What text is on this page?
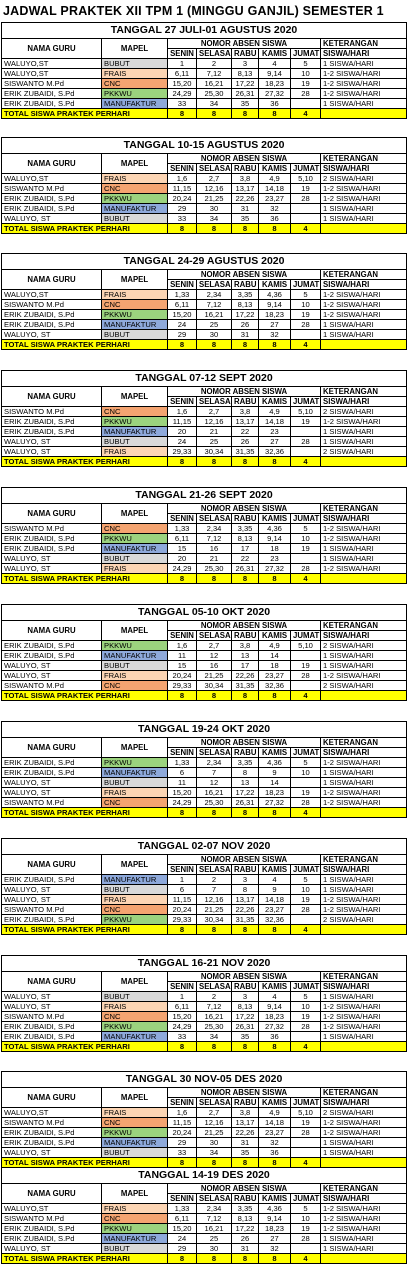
JADWAL PRAKTEK XII TPM 1 (MINGGU GANJIL) SEMESTER 1
TANGGAL 27 JULI-01 AGUSTUS 2020							
NAMA GURU	MAPEL	NOMOR ABSEN SISWA					KETERANGAN
		SENIN	SELASA	RABU	KAMIS	JUMAT	SISWA/HARI
WALUYO,ST	BUBUT	1	2	3	4	5	1 SISWA/HARI
WALUYO,ST	FRAIS	6,11	7,12	8,13	9,14	10	1-2 SISWA/HARI
SISWANTO M.Pd	CNC	15,20	16,21	17,22	18,23	19	1-2 SISWA/HARI
ERIK ZUBAIDI, S.Pd	PKKWU	24,29	25,30	26,31	27,32	28	1-2 SISWA/HARI
ERIK ZUBAIDI, S.Pd	MANUFAKTUR	33	34	35	36		1 SISWA/HARI
TOTAL SISWA PRAKTEK PERHARI		8	8	8	8	4	
TANGGAL 10-15 AGUSTUS 2020							
NAMA GURU	MAPEL	NOMOR ABSEN SISWA					KETERANGAN
		SENIN	SELASA	RABU	KAMIS	JUMAT	SISWA/HARI
WALUYO,ST	FRAIS	1,6	2,7	3,8	4,9	5,10	2 SISWA/HARI
SISWANTO M.Pd	CNC	11,15	12,16	13,17	14,18	19	1-2 SISWA/HARI
ERIK ZUBAIDI, S.Pd	PKKWU	20,24	21,25	22,26	23,27	28	1-2 SISWA/HARI
ERIK ZUBAIDI, S.Pd	MANUFAKTUR	29	30	31	32		1 SISWA/HARI
WALUYO, ST	BUBUT	33	34	35	36		1 SISWA/HARI
TOTAL SISWA PRAKTEK PERHARI		8	8	8	8	4	
TANGGAL 24-29 AGUSTUS 2020							
NAMA GURU	MAPEL	NOMOR ABSEN SISWA					KETERANGAN
		SENIN	SELASA	RABU	KAMIS	JUMAT	SISWA/HARI
WALUYO,ST	FRAIS	1,33	2,34	3,35	4,36	5	1-2 SISWA/HARI
SISWANTO M.Pd	CNC	6,11	7,12	8,13	9,14	10	1-2 SISWA/HARI
ERIK ZUBAIDI, S.Pd	PKKWU	15,20	16,21	17,22	18,23	19	1-2 SISWA/HARI
ERIK ZUBAIDI, S.Pd	MANUFAKTUR	24	25	26	27	28	1 SISWA/HARI
WALUYO, ST	BUBUT	29	30	31	32		1 SISWA/HARI
TOTAL SISWA PRAKTEK PERHARI		8	8	8	8	4	
TANGGAL 07-12 SEPT 2020							
NAMA GURU	MAPEL	NOMOR ABSEN SISWA					KETERANGAN
		SENIN	SELASA	RABU	KAMIS	JUMAT	SISWA/HARI
SISWANTO M.Pd	CNC	1,6	2,7	3,8	4,9	5,10	2 SISWA/HARI
ERIK ZUBAIDI, S.Pd	PKKWU	11,15	12,16	13,17	14,18	19	1-2 SISWA/HARI
ERIK ZUBAIDI, S.Pd	MANUFAKTUR	20	21	22	23		1 SISWA/HARI
WALUYO, ST	BUBUT	24	25	26	27	28	1 SISWA/HARI
WALUYO, ST	FRAIS	29,33	30,34	31,35	32,36		2 SISWA/HARI
TOTAL SISWA PRAKTEK PERHARI		8	8	8	8	4	
TANGGAL 21-26 SEPT 2020							
NAMA GURU	MAPEL	NOMOR ABSEN SISWA					KETERANGAN
		SENIN	SELASA	RABU	KAMIS	JUMAT	SISWA/HARI
SISWANTO M.Pd	CNC	1,33	2,34	3,35	4,36	5	1-2 SISWA/HARI
ERIK ZUBAIDI, S.Pd	PKKWU	6,11	7,12	8,13	9,14	10	1-2 SISWA/HARI
ERIK ZUBAIDI, S.Pd	MANUFAKTUR	15	16	17	18	19	1 SISWA/HARI
WALUYO, ST	BUBUT	20	21	22	23		1 SISWA/HARI
WALUYO, ST	FRAIS	24,29	25,30	26,31	27,32	28	1-2 SISWA/HARI
TOTAL SISWA PRAKTEK PERHARI		8	8	8	8	4	
TANGGAL 05-10 OKT 2020							
NAMA GURU	MAPEL	NOMOR ABSEN SISWA					KETERANGAN
		SENIN	SELASA	RABU	KAMIS	JUMAT	SISWA/HARI
ERIK ZUBAIDI, S.Pd	PKKWU	1,6	2,7	3,8	4,9	5,10	2 SISWA/HARI
ERIK ZUBAIDI, S.Pd	MANUFAKTUR	11	12	13	14		1 SISWA/HARI
WALUYO, ST	BUBUT	15	16	17	18	19	1 SISWA/HARI
WALUYO, ST	FRAIS	20,24	21,25	22,26	23,27	28	1-2 SISWA/HARI
SISWANTO M.Pd	CNC	29,33	30,34	31,35	32,36		2 SISWA/HARI
TOTAL SISWA PRAKTEK PERHARI		8	8	8	8	4	
TANGGAL 19-24 OKT 2020							
NAMA GURU	MAPEL	NOMOR ABSEN SISWA					KETERANGAN
		SENIN	SELASA	RABU	KAMIS	JUMAT	SISWA/HARI
ERIK ZUBAIDI, S.Pd	PKKWU	1,33	2,34	3,35	4,36	5	1-2 SISWA/HARI
ERIK ZUBAIDI, S.Pd	MANUFAKTUR	6	7	8	9	10	1 SISWA/HARI
WALUYO, ST	BUBUT	11	12	13	14		1 SISWA/HARI
WALUYO, ST	FRAIS	15,20	16,21	17,22	18,23	19	1-2 SISWA/HARI
SISWANTO M.Pd	CNC	24,29	25,30	26,31	27,32	28	1-2 SISWA/HARI
TOTAL SISWA PRAKTEK PERHARI		8	8	8	8	4	
TANGGAL 02-07 NOV 2020							
NAMA GURU	MAPEL	NOMOR ABSEN SISWA					KETERANGAN
		SENIN	SELASA	RABU	KAMIS	JUMAT	SISWA/HARI
ERIK ZUBAIDI, S.Pd	MANUFAKTUR	1	2	3	4	5	1 SISWA/HARI
WALUYO, ST	BUBUT	6	7	8	9	10	1 SISWA/HARI
WALUYO, ST	FRAIS	11,15	12,16	13,17	14,18	19	1-2 SISWA/HARI
SISWANTO M.Pd	CNC	20,24	21,25	22,26	23,27	28	1-2 SISWA/HARI
ERIK ZUBAIDI, S.Pd	PKKWU	29,33	30,34	31,35	32,36		2 SISWA/HARI
TOTAL SISWA PRAKTEK PERHARI		8	8	8	8	4	
TANGGAL 16-21 NOV 2020							
NAMA GURU	MAPEL	NOMOR ABSEN SISWA					KETERANGAN
		SENIN	SELASA	RABU	KAMIS	JUMAT	SISWA/HARI
WALUYO, ST	BUBUT	1	2	3	4	5	1 SISWA/HARI
WALUYO, ST	FRAIS	6,11	7,12	8,13	9,14	10	1-2 SISWA/HARI
SISWANTO M.Pd	CNC	15,20	16,21	17,22	18,23	19	1-2 SISWA/HARI
ERIK ZUBAIDI, S.Pd	PKKWU	24,29	25,30	26,31	27,32	28	1-2 SISWA/HARI
ERIK ZUBAIDI, S.Pd	MANUFAKTUR	33	34	35	36		1 SISWA/HARI
TOTAL SISWA PRAKTEK PERHARI		8	8	8	8	4	
TANGGAL 30 NOV-05 DES 2020							
NAMA GURU	MAPEL	NOMOR ABSEN SISWA					KETERANGAN
		SENIN	SELASA	RABU	KAMIS	JUMAT	SISWA/HARI
WALUYO,ST	FRAIS	1,6	2,7	3,8	4,9	5,10	2 SISWA/HARI
SISWANTO M.Pd	CNC	11,15	12,16	13,17	14,18	19	1-2 SISWA/HARI
ERIK ZUBAIDI, S.Pd	PKKWU	20,24	21,25	22,26	23,27	28	1-2 SISWA/HARI
ERIK ZUBAIDI, S.Pd	MANUFAKTUR	29	30	31	32		1 SISWA/HARI
WALUYO, ST	BUBUT	33	34	35	36		1 SISWA/HARI
TOTAL SISWA PRAKTEK PERHARI		8	8	8	8	4	
TANGGAL 14-19 DES 2020							
NAMA GURU	MAPEL	NOMOR ABSEN SISWA					KETERANGAN
		SENIN	SELASA	RABU	KAMIS	JUMAT	SISWA/HARI
WALUYO,ST	FRAIS	1,33	2,34	3,35	4,36	5	1-2 SISWA/HARI
SISWANTO M.Pd	CNC	6,11	7,12	8,13	9,14	10	1-2 SISWA/HARI
ERIK ZUBAIDI, S.Pd	PKKWU	15,20	16,21	17,22	18,23	19	1-2 SISWA/HARI
ERIK ZUBAIDI, S.Pd	MANUFAKTUR	24	25	26	27	28	1 SISWA/HARI
WALUYO, ST	BUBUT	29	30	31	32		1 SISWA/HARI
TOTAL SISWA PRAKTEK PERHARI		8	8	8	8	4	
